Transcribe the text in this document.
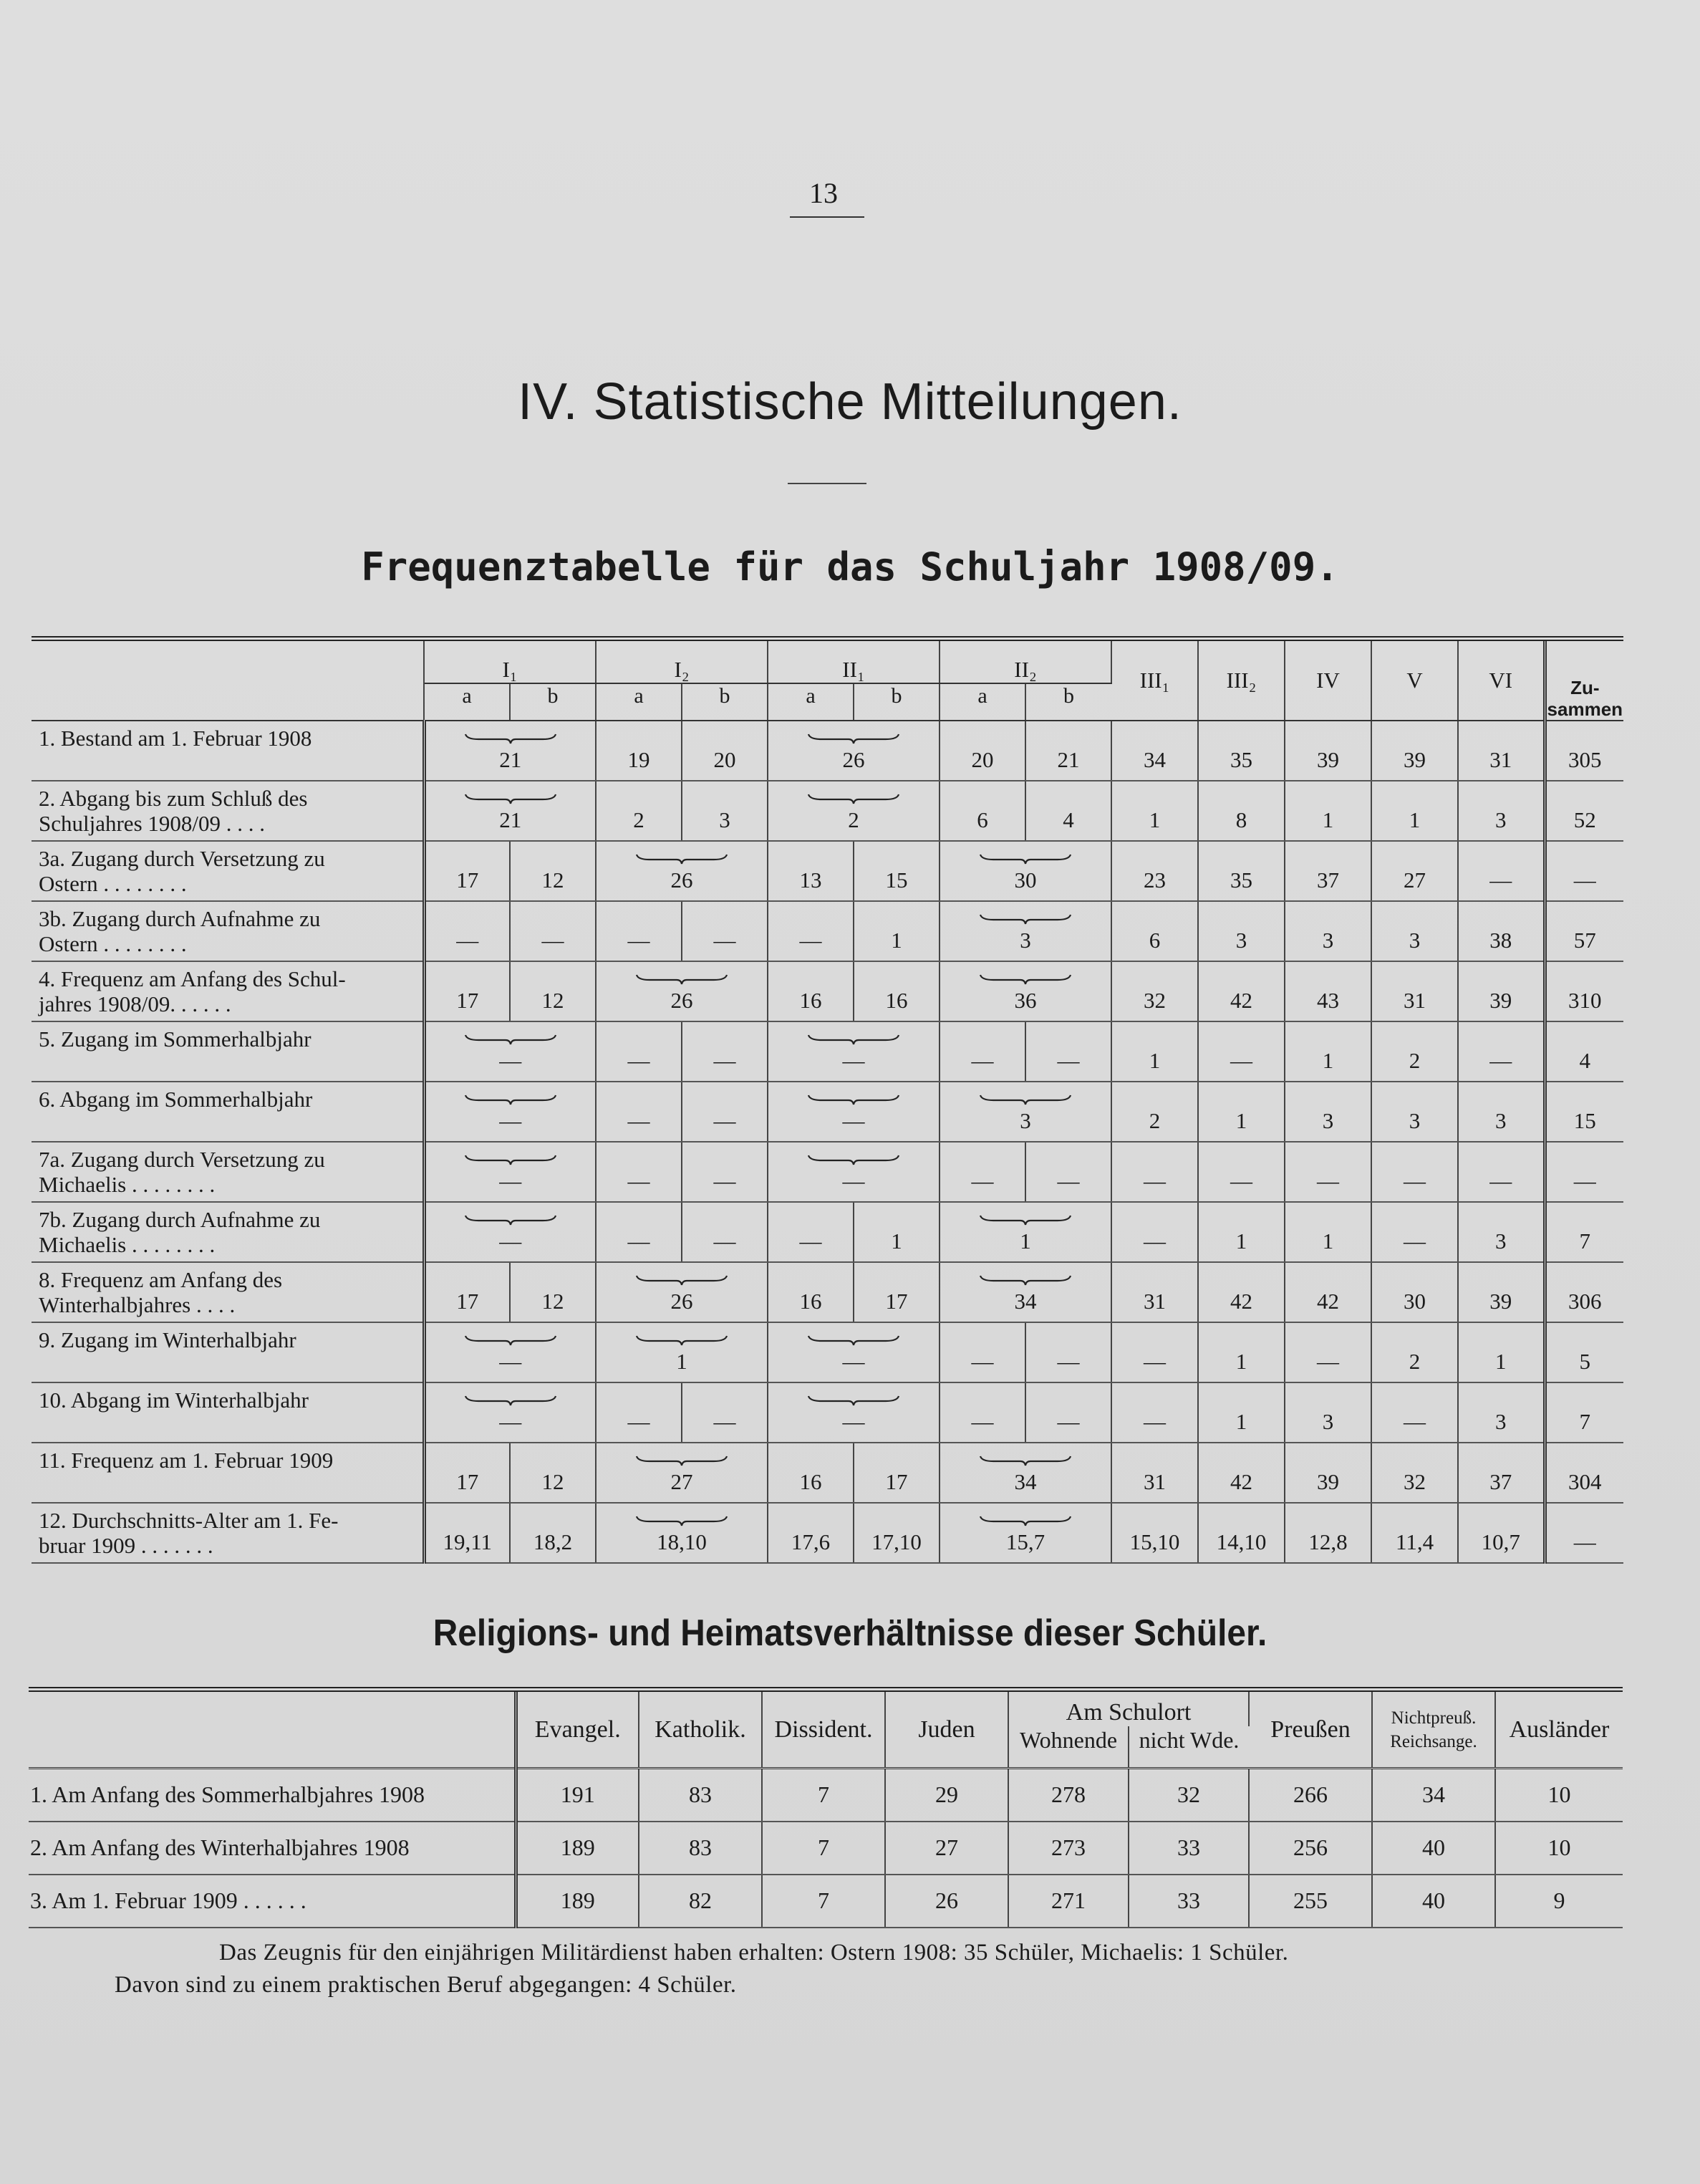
13
IV. Statistische Mitteilungen.
Frequenztabelle für das Schuljahr 1908/09.
	I₁		I₂		II₁		II₂		III₁	III₂	IV	V	VI	Zu-
sammen

	a	b	a	b	a	b	a	b						
1. Bestand am 1. Februar 1908	21		19	20	26		20	21	34	35	39	39	31	305
2. Abgang bis zum Schluß des
Schuljahres 1908/09 . . . .	21		2	3	2		6	4	1	8	1	1	3	52
3a. Zugang durch Versetzung zu
Ostern . . . . . . . .	17	12	26		13	15	30		23	35	37	27	—	—
3b. Zugang durch Aufnahme zu
Ostern . . . . . . . .	—	—	—	—	—	1	3		6	3	3	3	38	57
4. Frequenz am Anfang des Schul-
jahres 1908/09. . . . . .	17	12	26		16	16	36		32	42	43	31	39	310
5. Zugang im Sommerhalbjahr	—		—	—	—		—	—	1	—	1	2	—	4
6. Abgang im Sommerhalbjahr	—		—	—	—		3		2	1	3	3	3	15
7a. Zugang durch Versetzung zu
Michaelis . . . . . . . .	—		—	—	—		—	—	—	—	—	—	—	—
7b. Zugang durch Aufnahme zu
Michaelis . . . . . . . .	—		—	—	—	1	1		—	1	1	—	3	7
8. Frequenz am Anfang des
Winterhalbjahres . . . .	17	12	26		16	17	34		31	42	42	30	39	306
9. Zugang im Winterhalbjahr	—		1		—		—	—	—	1	—	2	1	5
10. Abgang im Winterhalbjahr	—		—	—	—		—	—	—	1	3	—	3	7
11. Frequenz am 1. Februar 1909	17	12	27		16	17	34		31	42	39	32	37	304
12. Durchschnitts-Alter am 1. Fe-
bruar 1909 . . . . . . .	19,11	18,2	18,10		17,6	17,10	15,7		15,10	14,10	12,8	11,4	10,7	—
Religions- und Heimatsverhältnisse dieser Schüler.
	Evangel.	Katholik.	Dissident.	Juden	Am Schulort		Preußen	Nichtpreuß.
Reichsange.	Ausländer
					Wohnende	nicht Wde.			
1. Am Anfang des Sommerhalbjahres 1908	191	83	7	29	278	32	266	34	10
2. Am Anfang des Winterhalbjahres 1908	189	83	7	27	273	33	256	40	10
3. Am 1. Februar 1909 . . . . . .	189	82	7	26	271	33	255	40	9
Das Zeugnis für den einjährigen Militärdienst haben erhalten: Ostern 1908: 35 Schüler, Michaelis: 1 Schüler.
Davon sind zu einem praktischen Beruf abgegangen: 4 Schüler.
